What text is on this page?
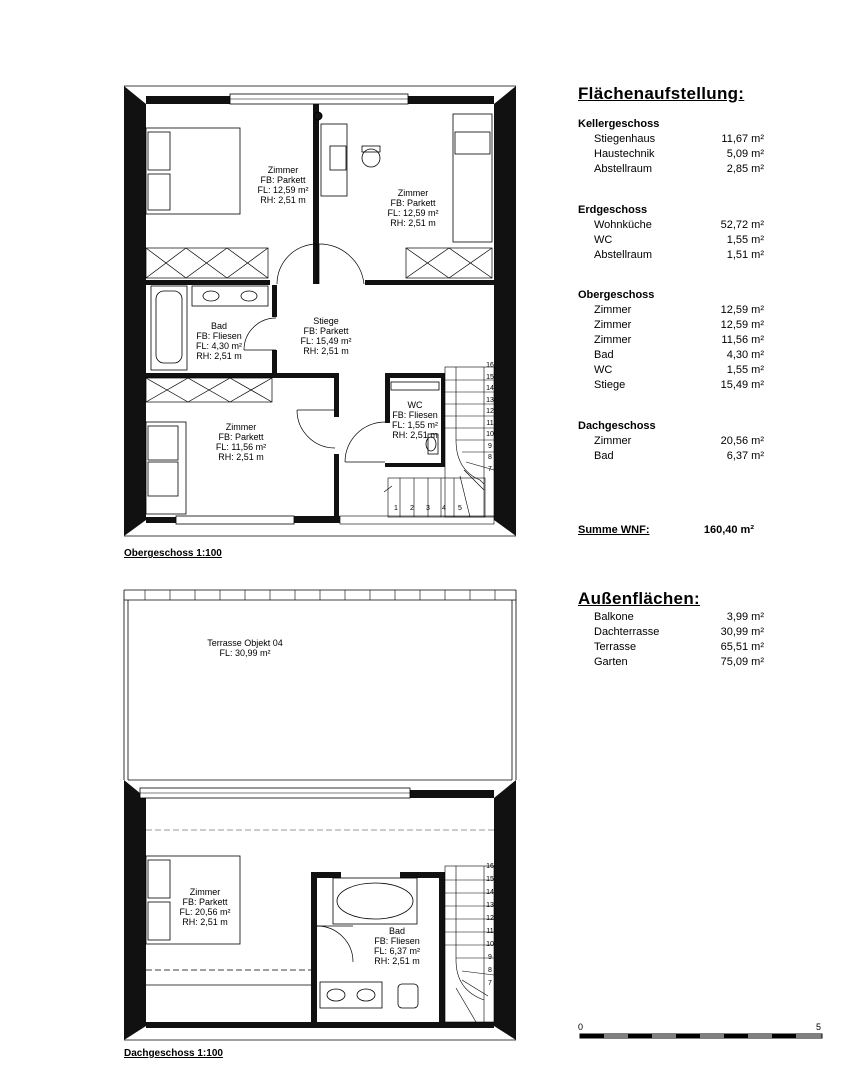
16
15
14
13
12
11
10
9
8
7
1 2 3 4 5
16
15
14
13
12
11
10
9
8
7
Zimmer
FB: Parkett
FL: 12,59 m²
RH: 2,51 m
Zimmer
FB: Parkett
FL: 12,59 m²
RH: 2,51 m
Bad
FB: Fliesen
FL: 4,30 m²
RH: 2,51 m
Stiege
FB: Parkett
FL: 15,49 m²
RH: 2,51 m
Zimmer
FB: Parkett
FL: 11,56 m²
RH: 2,51 m
WC
FB: Fliesen
FL: 1,55 m²
RH: 2,51 m
Obergeschoss 1:100
Terrasse Objekt 04
FL: 30,99 m²
Zimmer
FB: Parkett
FL: 20,56 m²
RH: 2,51 m
Bad
FB: Fliesen
FL: 6,37 m²
RH: 2,51 m
Dachgeschoss 1:100
Flächenaufstellung:
Kellergeschoss
Stiegenhaus	11,67 m²
Haustechnik	5,09 m²
Abstellraum	2,85 m²
Erdgeschoss
Wohnküche	52,72 m²
WC	1,55 m²
Abstellraum	1,51 m²
Obergeschoss
Zimmer	12,59 m²
Zimmer	12,59 m²
Zimmer	11,56 m²
Bad	4,30 m²
WC	1,55 m²
Stiege	15,49 m²
Dachgeschoss
Zimmer	20,56 m²
Bad	6,37 m²
Summe WNF:	160,40 m²
Außenflächen:
Balkone	3,99 m²
Dachterrasse	30,99 m²
Terrasse	65,51 m²
Garten	75,09 m²
0	5
